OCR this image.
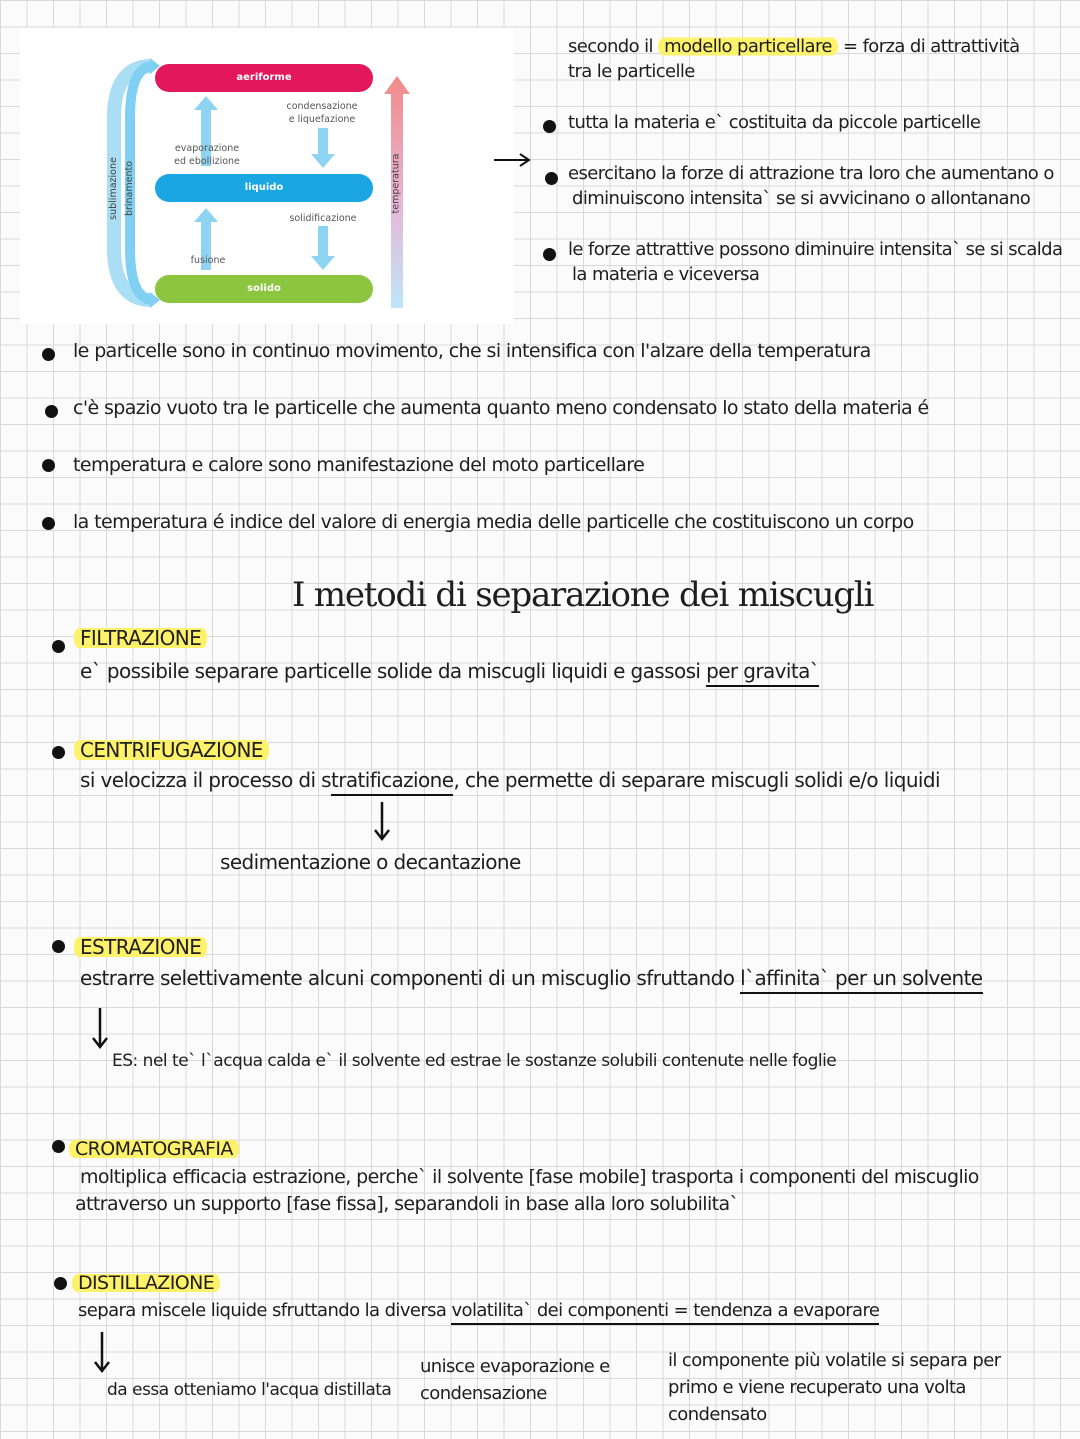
sublimazione brinamento
aeriforme
liquido
solido
condensazione
e liquefazione
evaporazione
ed ebollizione
solidificazione
fusione
temperatura
secondo il modello particellare = forza di attrattività
tra le particelle
tutta la materia e` costituita da piccole particelle
esercitano la forze di attrazione tra loro che aumentano o
diminuiscono intensita` se si avvicinano o allontanano
le forze attrattive possono diminuire intensita` se si scalda
la materia e viceversa
le particelle sono in continuo movimento, che si intensifica con l'alzare della temperatura
c'è spazio vuoto tra le particelle che aumenta quanto meno condensato lo stato della materia é
temperatura e calore sono manifestazione del moto particellare
la temperatura é indice del valore di energia media delle particelle che costituiscono un corpo
I metodi di separazione dei miscugli
FILTRAZIONE
e` possibile separare particelle solide da miscugli liquidi e gassosi per gravita`
CENTRIFUGAZIONE
si velocizza il processo di stratificazione, che permette di separare miscugli solidi e/o liquidi
sedimentazione o decantazione
ESTRAZIONE
estrarre selettivamente alcuni componenti di un miscuglio sfruttando l`affinita` per un solvente
ES: nel te` l`acqua calda e` il solvente ed estrae le sostanze solubili contenute nelle foglie
CROMATOGRAFIA
moltiplica efficacia estrazione, perche` il solvente [fase mobile] trasporta i componenti del miscuglio
attraverso un supporto [fase fissa], separandoli in base alla loro solubilita`
DISTILLAZIONE
separa miscele liquide sfruttando la diversa volatilita` dei componenti = tendenza a evaporare
da essa otteniamo l'acqua distillata
unisce evaporazione e
condensazione
il componente più volatile si separa per
primo e viene recuperato una volta
condensato
